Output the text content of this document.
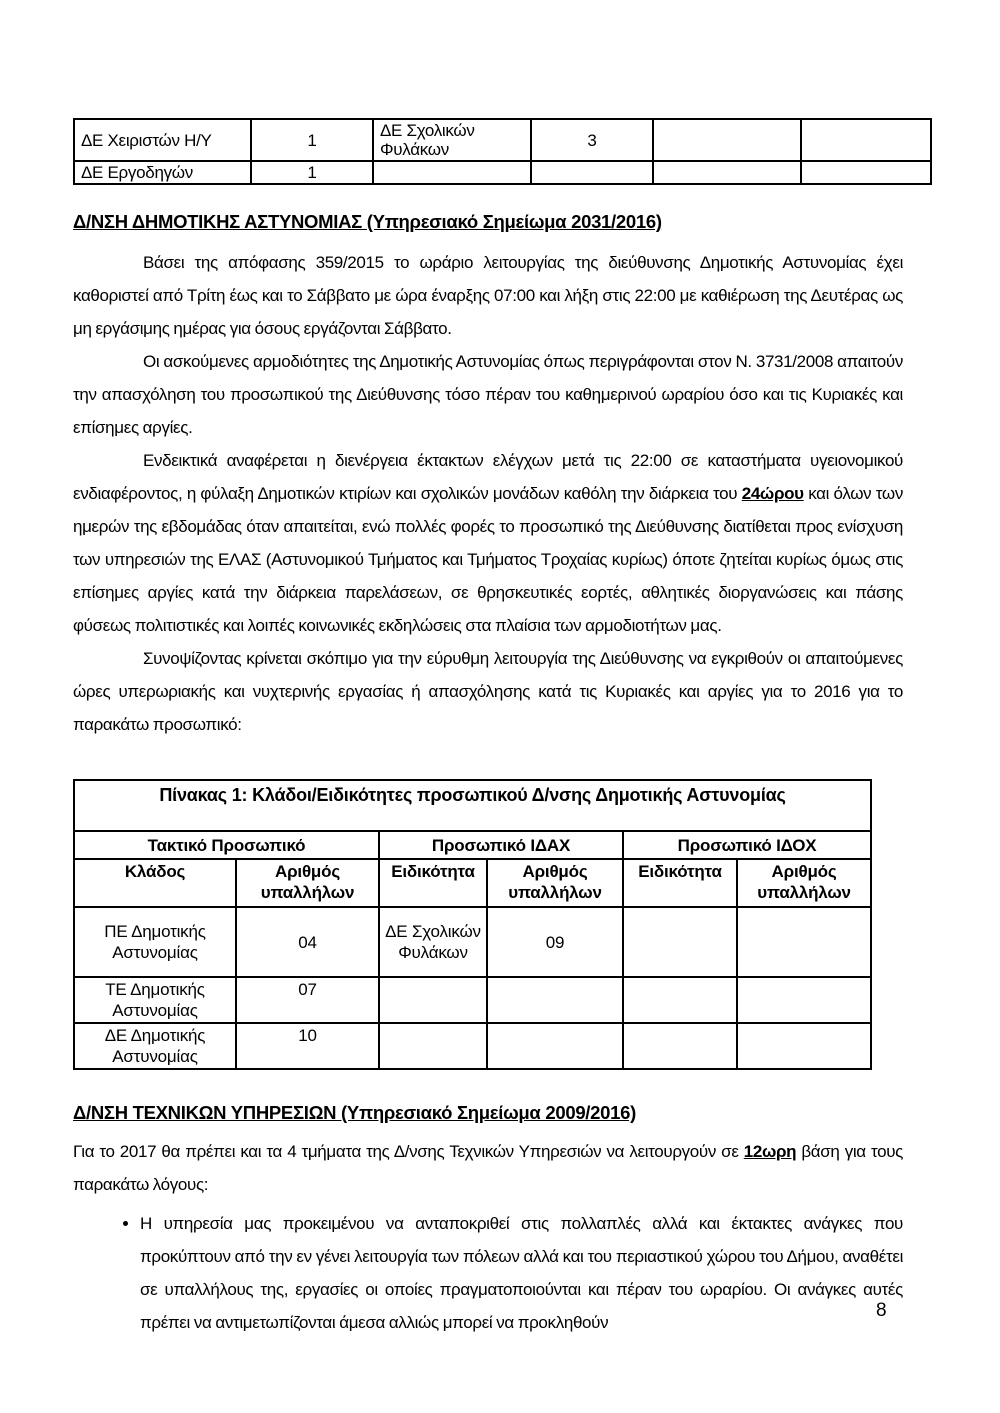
ΔΕ Χειριστών Η/Υ	1	ΔΕ Σχολικών Φυλάκων	3		
ΔΕ Εργοδηγών	1				
Δ/ΝΣΗ ΔΗΜΟΤΙΚΗΣ ΑΣΤΥΝΟΜΙΑΣ (Υπηρεσιακό Σημείωμα 2031/2016)

Βάσει της απόφασης 359/2015 το ωράριο λειτουργίας της διεύθυνσης Δημοτικής Αστυνομίας έχει καθοριστεί από Τρίτη έως και το Σάββατο με ώρα έναρξης 07:00 και λήξη στις 22:00 με καθιέρωση της Δευτέρας ως μη εργάσιμης ημέρας για όσους εργάζονται Σάββατο.

Οι ασκούμενες αρμοδιότητες της Δημοτικής Αστυνομίας όπως περιγράφονται στον Ν. 3731/2008 απαιτούν την απασχόληση του προσωπικού της Διεύθυνσης τόσο πέραν του καθημερινού ωραρίου όσο και τις Κυριακές και επίσημες αργίες.

Ενδεικτικά αναφέρεται η διενέργεια έκτακτων ελέγχων μετά τις 22:00 σε καταστήματα υγειονομικού ενδιαφέροντος, η φύλαξη Δημοτικών κτιρίων και σχολικών μονάδων καθόλη την διάρκεια του 24ώρου και όλων των ημερών της εβδομάδας όταν απαιτείται, ενώ πολλές φορές το προσωπικό της Διεύθυνσης διατίθεται προς ενίσχυση των υπηρεσιών της ΕΛΑΣ (Αστυνομικού Τμήματος και Τμήματος Τροχαίας κυρίως) όποτε ζητείται κυρίως όμως στις επίσημες αργίες κατά την διάρκεια παρελάσεων, σε θρησκευτικές εορτές, αθλητικές διοργανώσεις και πάσης φύσεως πολιτιστικές και λοιπές κοινωνικές εκδηλώσεις στα πλαίσια των αρμοδιοτήτων μας.

Συνοψίζοντας κρίνεται σκόπιμο για την εύρυθμη λειτουργία της Διεύθυνσης να εγκριθούν οι απαιτούμενες ώρες υπερωριακής και νυχτερινής εργασίας ή απασχόλησης κατά τις Κυριακές και αργίες για το 2016 για το παρακάτω προσωπικό:

Πίνακας 1: Κλάδοι/Ειδικότητες προσωπικού Δ/νσης Δημοτικής Αστυνομίας					
Τακτικό Προσωπικό		Προσωπικό ΙΔΑΧ		Προσωπικό ΙΔΟΧ	
Κλάδος	Αριθμός υπαλλήλων	Ειδικότητα	Αριθμός υπαλλήλων	Ειδικότητα	Αριθμός υπαλλήλων
ΠΕ Δημοτικής Αστυνομίας	04	ΔΕ Σχολικών Φυλάκων	09		
ΤΕ Δημοτικής Αστυνομίας	07				
ΔΕ Δημοτικής Αστυνομίας	10				
Δ/ΝΣΗ ΤΕΧΝΙΚΩΝ ΥΠΗΡΕΣΙΩΝ (Υπηρεσιακό Σημείωμα 2009/2016)

Για το 2017 θα πρέπει και τα 4 τμήματα της Δ/νσης Τεχνικών Υπηρεσιών να λειτουργούν σε 12ωρη βάση για τους παρακάτω λόγους:

• Η υπηρεσία μας προκειμένου να ανταποκριθεί στις πολλαπλές αλλά και έκτακτες ανάγκες που προκύπτουν από την εν γένει λειτουργία των πόλεων αλλά και του περιαστικού χώρου του Δήμου, αναθέτει σε υπαλλήλους της, εργασίες οι οποίες πραγματοποιούνται και πέραν του ωραρίου. Οι ανάγκες αυτές πρέπει να αντιμετωπίζονται άμεσα αλλιώς μπορεί να προκληθούν
8
